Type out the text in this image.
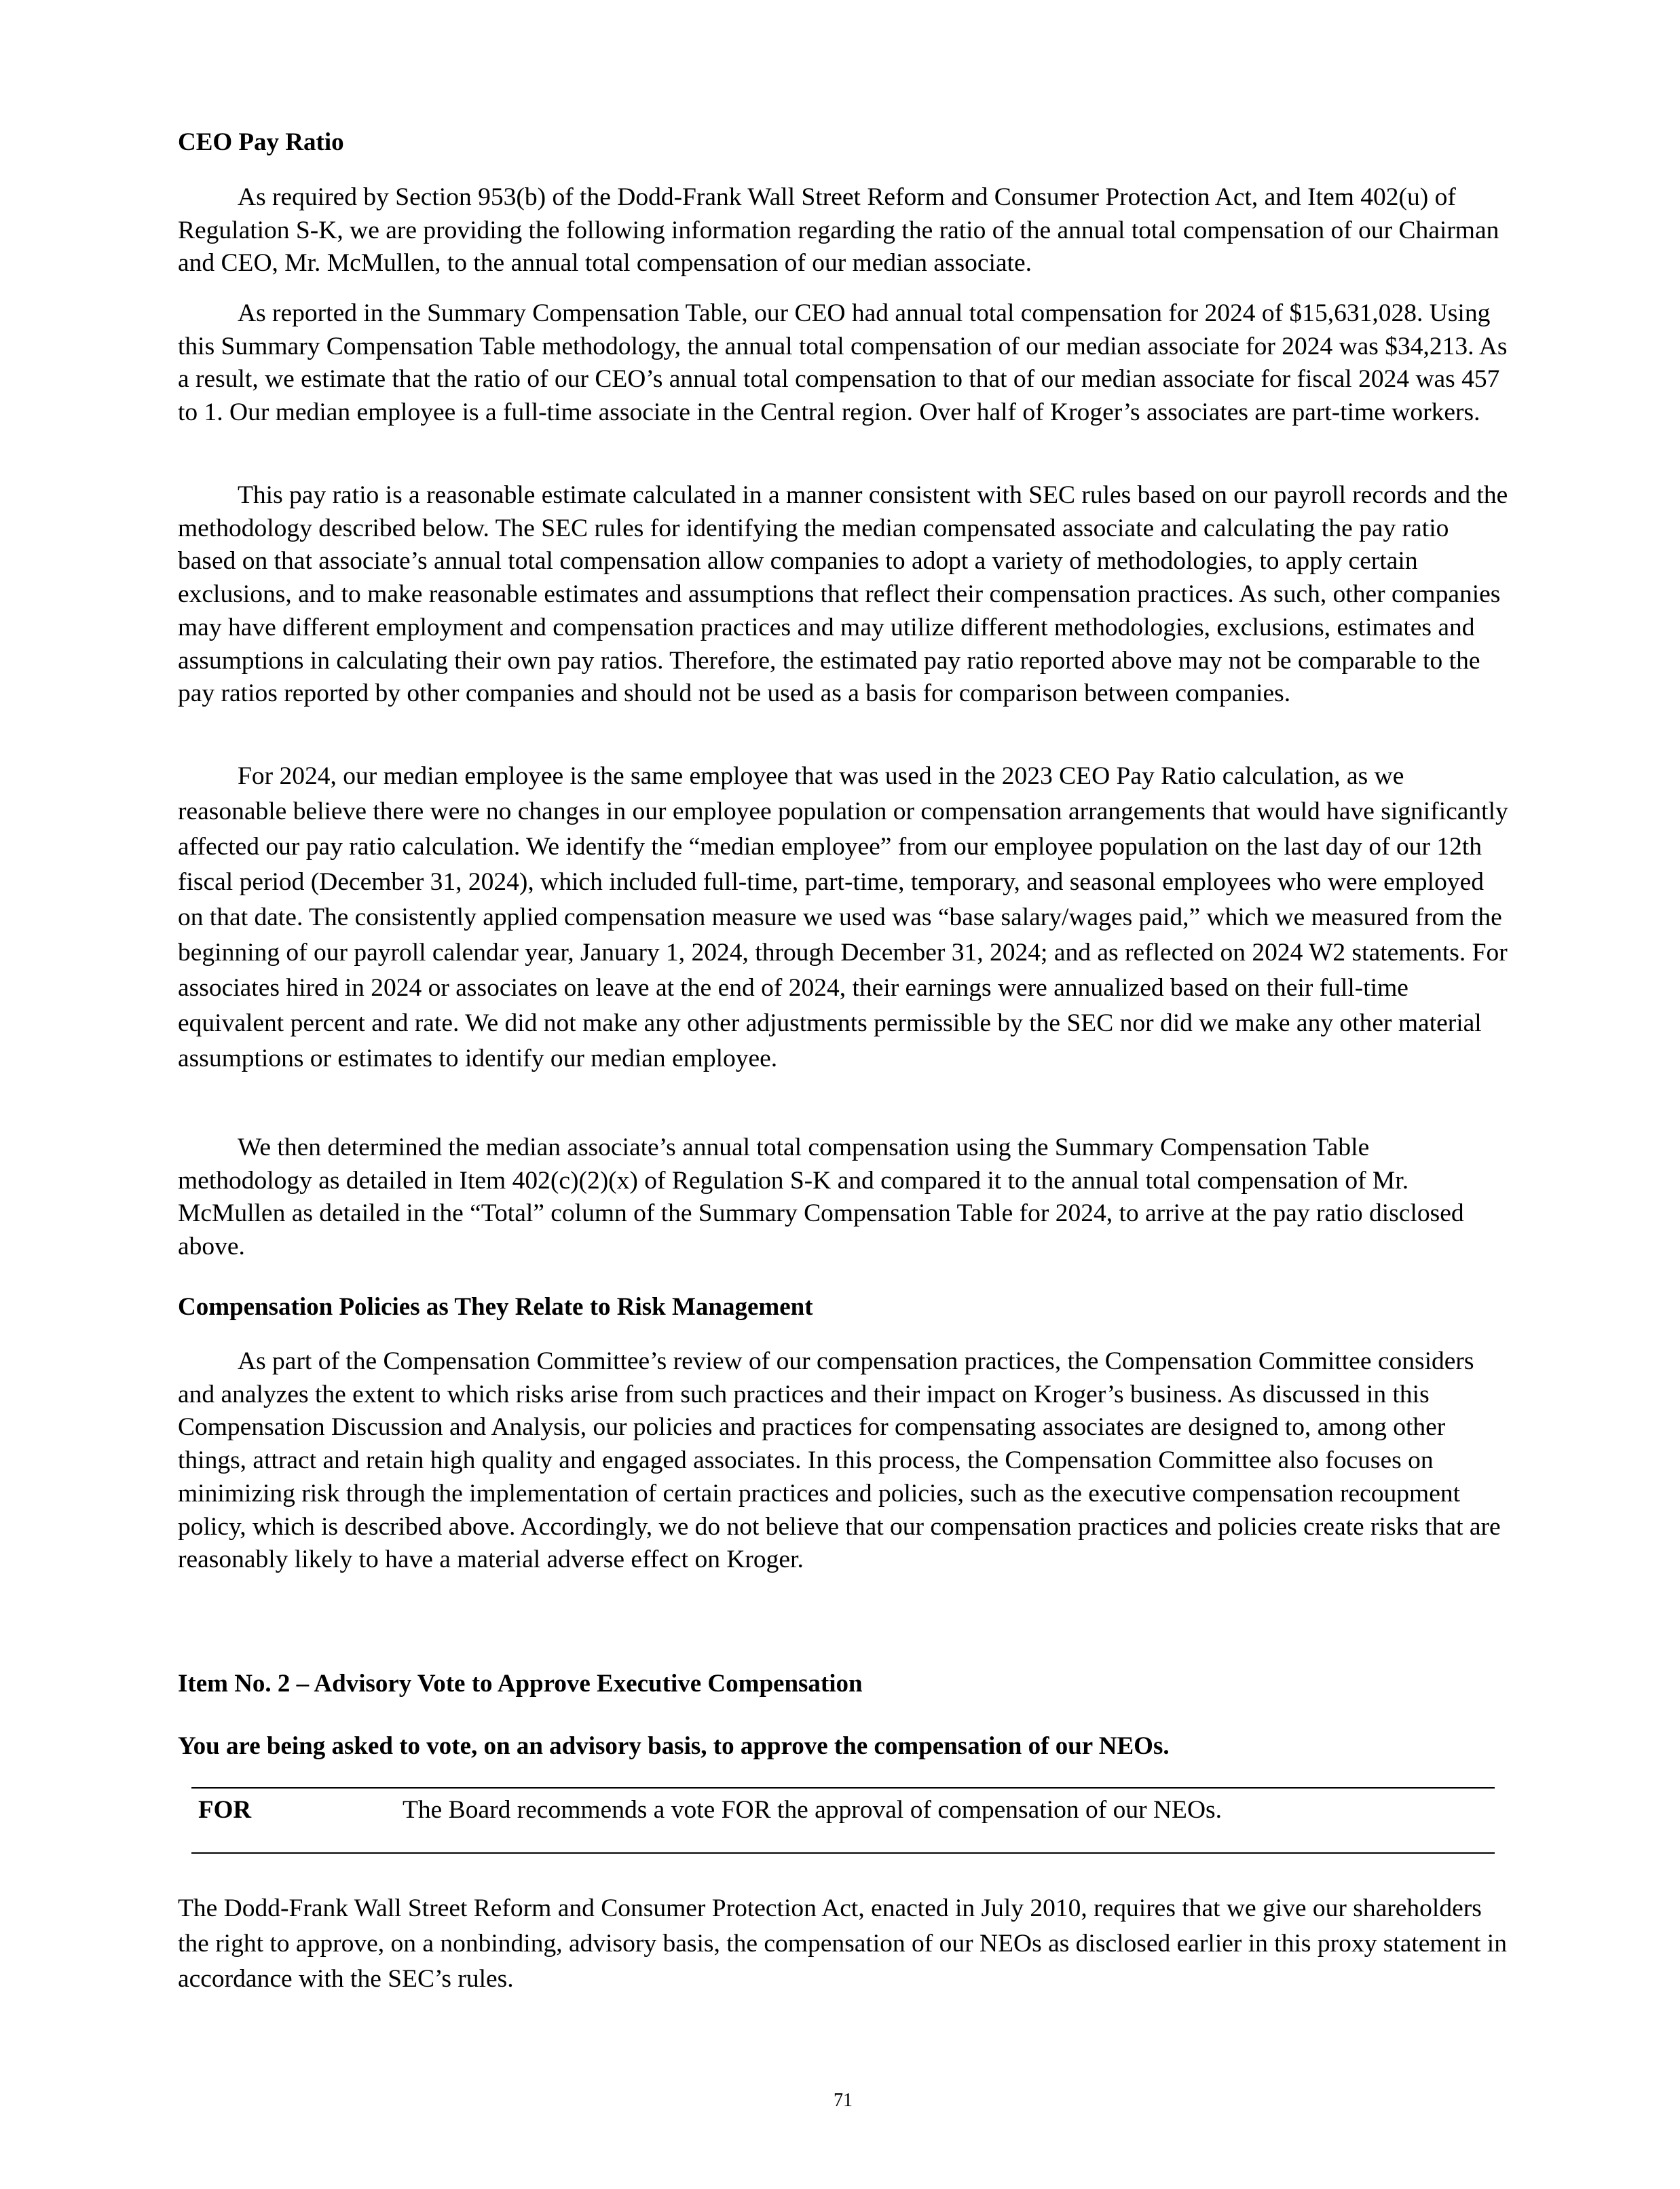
CEO Pay Ratio

As required by Section 953(b) of the Dodd-Frank Wall Street Reform and Consumer Protection Act, and Item 402(u) of Regulation S-K, we are providing the following information regarding the ratio of the annual total compensation of our Chairman and CEO, Mr. McMullen, to the annual total compensation of our median associate.

As reported in the Summary Compensation Table, our CEO had annual total compensation for 2024 of $15,631,028. Using this Summary Compensation Table methodology, the annual total compensation of our median associate for 2024 was $34,213. As a result, we estimate that the ratio of our CEO’s annual total compensation to that of our median associate for fiscal 2024 was 457 to 1. Our median employee is a full-time associate in the Central region. Over half of Kroger’s associates are part-time workers.

This pay ratio is a reasonable estimate calculated in a manner consistent with SEC rules based on our payroll records and the methodology described below. The SEC rules for identifying the median compensated associate and calculating the pay ratio based on that associate’s annual total compensation allow companies to adopt a variety of methodologies, to apply certain exclusions, and to make reasonable estimates and assumptions that reflect their compensation practices. As such, other companies may have different employment and compensation practices and may utilize different methodologies, exclusions, estimates and assumptions in calculating their own pay ratios. Therefore, the estimated pay ratio reported above may not be comparable to the pay ratios reported by other companies and should not be used as a basis for comparison between companies.

For 2024, our median employee is the same employee that was used in the 2023 CEO Pay Ratio calculation, as we reasonable believe there were no changes in our employee population or compensation arrangements that would have significantly affected our pay ratio calculation. We identify the “median employee” from our employee population on the last day of our 12th fiscal period (December 31, 2024), which included full-time, part-time, temporary, and seasonal employees who were employed on that date. The consistently applied compensation measure we used was “base salary/wages paid,” which we measured from the beginning of our payroll calendar year, January 1, 2024, through December 31, 2024; and as reflected on 2024 W2 statements. For associates hired in 2024 or associates on leave at the end of 2024, their earnings were annualized based on their full-time equivalent percent and rate. We did not make any other adjustments permissible by the SEC nor did we make any other material assumptions or estimates to identify our median employee.

We then determined the median associate’s annual total compensation using the Summary Compensation Table methodology as detailed in Item 402(c)(2)(x) of Regulation S-K and compared it to the annual total compensation of Mr. McMullen as detailed in the “Total” column of the Summary Compensation Table for 2024, to arrive at the pay ratio disclosed above.

Compensation Policies as They Relate to Risk Management

As part of the Compensation Committee’s review of our compensation practices, the Compensation Committee considers and analyzes the extent to which risks arise from such practices and their impact on Kroger’s business. As discussed in this Compensation Discussion and Analysis, our policies and practices for compensating associates are designed to, among other things, attract and retain high quality and engaged associates. In this process, the Compensation Committee also focuses on minimizing risk through the implementation of certain practices and policies, such as the executive compensation recoupment policy, which is described above. Accordingly, we do not believe that our compensation practices and policies create risks that are reasonably likely to have a material adverse effect on Kroger.

Item No. 2 – Advisory Vote to Approve Executive Compensation
You are being asked to vote, on an advisory basis, to approve the compensation of our NEOs.
FOR	The Board recommends a vote FOR the approval of compensation of our NEOs.

The Dodd-Frank Wall Street Reform and Consumer Protection Act, enacted in July 2010, requires that we give our shareholders the right to approve, on a nonbinding, advisory basis, the compensation of our NEOs as disclosed earlier in this proxy statement in accordance with the SEC’s rules.

71
